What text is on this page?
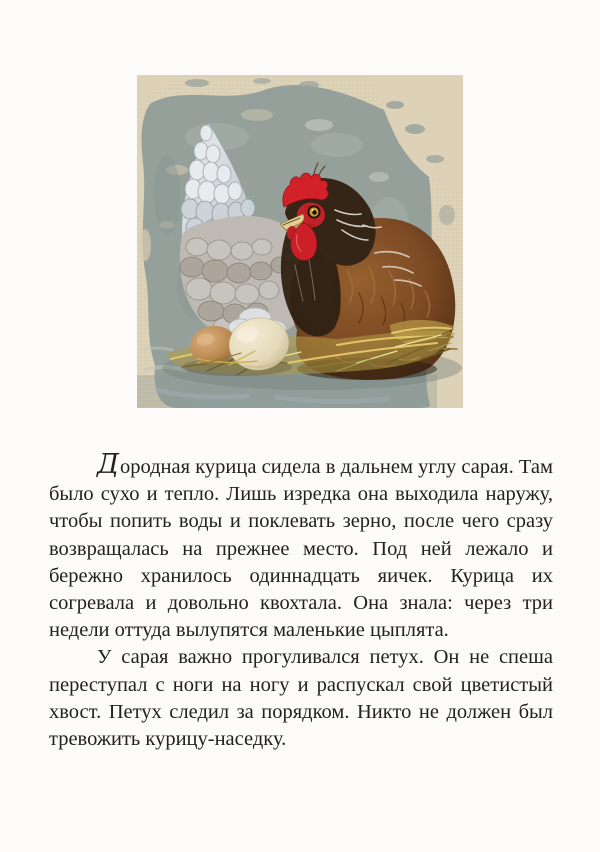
Дородная курица сидела в дальнем углу сарая. Там было сухо и тепло. Лишь изредка она выходила наружу, чтобы попить воды и поклевать зерно, после чего сразу возвращалась на прежнее место. Под ней лежало и бережно хранилось одиннадцать яичек. Курица их согревала и довольно квохтала. Она знала: через три недели оттуда вылупятся маленькие цыплята.

У сарая важно прогуливался петух. Он не спеша переступал с ноги на ногу и распускал свой цветистый хвост. Петух следил за порядком. Никто не должен был тревожить курицу-наседку.
